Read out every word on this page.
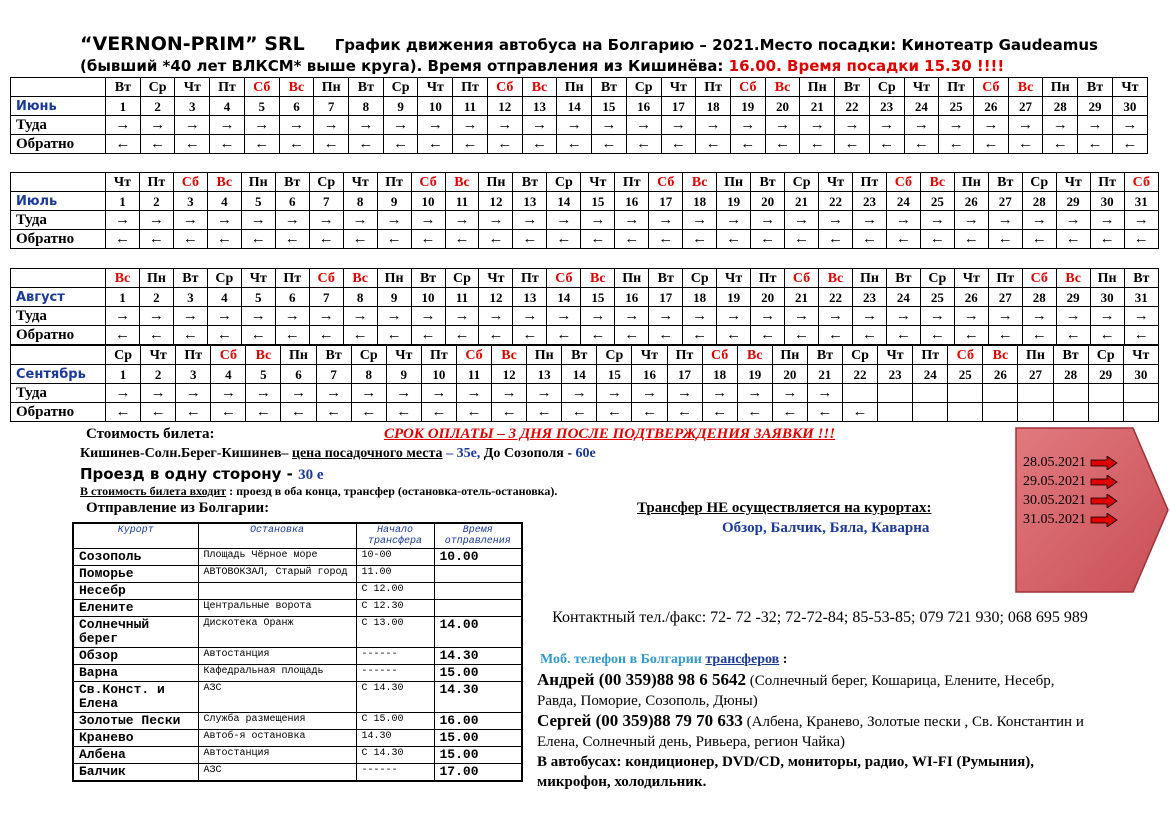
“VERNON-PRIM” SRL График движения автобуса на Болгарию – 2021.Место посадки: Кинотеатр Gaudeamus
(бывший *40 лет ВЛКСМ* выше круга). Время отправления из Кишинёва: 16.00. Время посадки 15.30 !!!!
	Вт	Ср	Чт	Пт	Сб	Вс	Пн	Вт	Ср	Чт	Пт	Сб	Вс	Пн	Вт	Ср	Чт	Пт	Сб	Вс	Пн	Вт	Ср	Чт	Пт	Сб	Вс	Пн	Вт	Чт
Июнь	1	2	3	4	5	6	7	8	9	10	11	12	13	14	15	16	17	18	19	20	21	22	23	24	25	26	27	28	29	30
Туда	→	→	→	→	→	→	→	→	→	→	→	→	→	→	→	→	→	→	→	→	→	→	→	→	→	→	→	→	→	→
Обратно	←	←	←	←	←	←	←	←	←	←	←	←	←	←	←	←	←	←	←	←	←	←	←	←	←	←	←	←	←	←
	Чт	Пт	Сб	Вс	Пн	Вт	Ср	Чт	Пт	Сб	Вс	Пн	Вт	Ср	Чт	Пт	Сб	Вс	Пн	Вт	Ср	Чт	Пт	Сб	Вс	Пн	Вт	Ср	Чт	Пт	Сб
Июль	1	2	3	4	5	6	7	8	9	10	11	12	13	14	15	16	17	18	19	20	21	22	23	24	25	26	27	28	29	30	31
Туда	→	→	→	→	→	→	→	→	→	→	→	→	→	→	→	→	→	→	→	→	→	→	→	→	→	→	→	→	→	→	→
Обратно	←	←	←	←	←	←	←	←	←	←	←	←	←	←	←	←	←	←	←	←	←	←	←	←	←	←	←	←	←	←	←
	Вс	Пн	Вт	Ср	Чт	Пт	Сб	Вс	Пн	Вт	Ср	Чт	Пт	Сб	Вс	Пн	Вт	Ср	Чт	Пт	Сб	Вс	Пн	Вт	Ср	Чт	Пт	Сб	Вс	Пн	Вт
Август	1	2	3	4	5	6	7	8	9	10	11	12	13	14	15	16	17	18	19	20	21	22	23	24	25	26	27	28	29	30	31
Туда	→	→	→	→	→	→	→	→	→	→	→	→	→	→	→	→	→	→	→	→	→	→	→	→	→	→	→	→	→	→	→
Обратно	←	←	←	←	←	←	←	←	←	←	←	←	←	←	←	←	←	←	←	←	←	←	←	←	←	←	←	←	←	←	←
	Ср	Чт	Пт	Сб	Вс	Пн	Вт	Ср	Чт	Пт	Сб	Вс	Пн	Вт	Ср	Чт	Пт	Сб	Вс	Пн	Вт	Ср	Чт	Пт	Сб	Вс	Пн	Вт	Ср	Чт
Сентябрь	1	2	3	4	5	6	7	8	9	10	11	12	13	14	15	16	17	18	19	20	21	22	23	24	25	26	27	28	29	30
Туда	→	→	→	→	→	→	→	→	→	→	→	→	→	→	→	→	→	→	→	→	→									
Обратно	←	←	←	←	←	←	←	←	←	←	←	←	←	←	←	←	←	←	←	←	←	←								
Стоимость билета:	СРОК ОПЛАТЫ – 3 ДНЯ ПОСЛЕ ПОДТВЕРЖДЕНИЯ ЗАЯВКИ !!!
Кишинев-Солн.Берег-Кишинев– цена посадочного места – 35е, До Созополя - 60е
Проезд в одну сторону - 30 е
В стоимость билета входит : проезд в оба конца, трансфер (остановка-отель-остановка).
Отправление из Болгарии:	Трансфер НЕ осуществляется на курортах:
Обзор, Балчик, Бяла, Каварна
28.05.2021
29.05.2021
30.05.2021
31.05.2021
Курорт	Остановка	Начало трансфера	Время отправления
Созополь	Площадь Чёрное море	10-00	10.00
Поморье	АВТОВОКЗАЛ, Старый город	11.00	
Несебр		С 12.00	
Елените	Центральные ворота	С 12.30	
Солнечный берег	Дискотека Оранж	С 13.00	14.00
Обзор	Автостанция	------	14.30
Варна	Кафедральная площадь	------	15.00
Св.Конст. и Елена	АЗС	С 14.30	14.30
Золотые Пески	Служба размещения	С 15.00	16.00
Кранево	Автоб-я остановка	14.30	15.00
Албена	Автостанция	С 14.30	15.00
Балчик	АЗС	------	17.00
Контактный тел./факс: 72- 72 -32; 72-72-84; 85-53-85; 079 721 930; 068 695 989
Моб. телефон в Болгарии трансферов :
Андрей (00 359)88 98 6 5642 (Солнечный берег, Кошарица, Елените, Несебр, Равда, Поморие, Созополь, Дюны)
Сергей (00 359)88 79 70 633 (Албена, Кранево, Золотые пески , Св. Константин и Елена, Солнечный день, Ривьера, регион Чайка)
В автобусах: кондиционер, DVD/CD, мониторы, радио, WI-FI (Румыния), микрофон, холодильник.
